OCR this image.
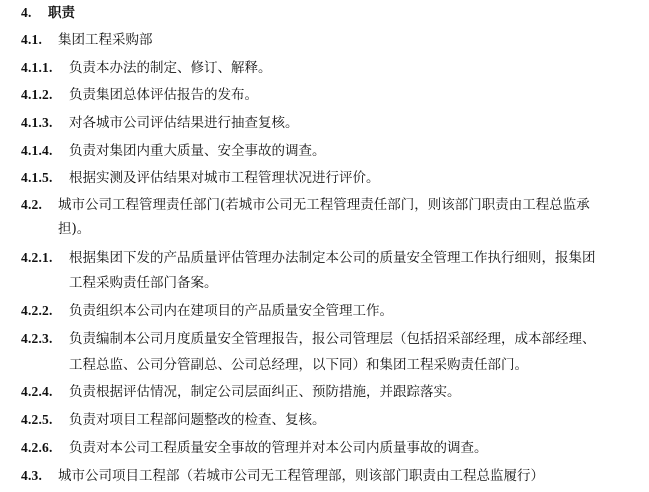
4. 职责
4.1. 集团工程采购部
4.1.1. 负责本办法的制定、修订、解释。
4.1.2. 负责集团总体评估报告的发布。
4.1.3. 对各城市公司评估结果进行抽查复核。
4.1.4. 负责对集团内重大质量、安全事故的调查。
4.1.5. 根据实测及评估结果对城市工程管理状况进行评价。
4.2. 城市公司工程管理责任部门(若城市公司无工程管理责任部门，则该部门职责由工程总监承
担)。
4.2.1. 根据集团下发的产品质量评估管理办法制定本公司的质量安全管理工作执行细则，报集团
工程采购责任部门备案。
4.2.2. 负责组织本公司内在建项目的产品质量安全管理工作。
4.2.3. 负责编制本公司月度质量安全管理报告，报公司管理层（包括招采部经理，成本部经理、
工程总监、公司分管副总、公司总经理，以下同）和集团工程采购责任部门。
4.2.4. 负责根据评估情况，制定公司层面纠正、预防措施，并跟踪落实。
4.2.5. 负责对项目工程部问题整改的检查、复核。
4.2.6. 负责对本公司工程质量安全事故的管理并对本公司内质量事故的调查。
4.3. 城市公司项目工程部（若城市公司无工程管理部，则该部门职责由工程总监履行）
